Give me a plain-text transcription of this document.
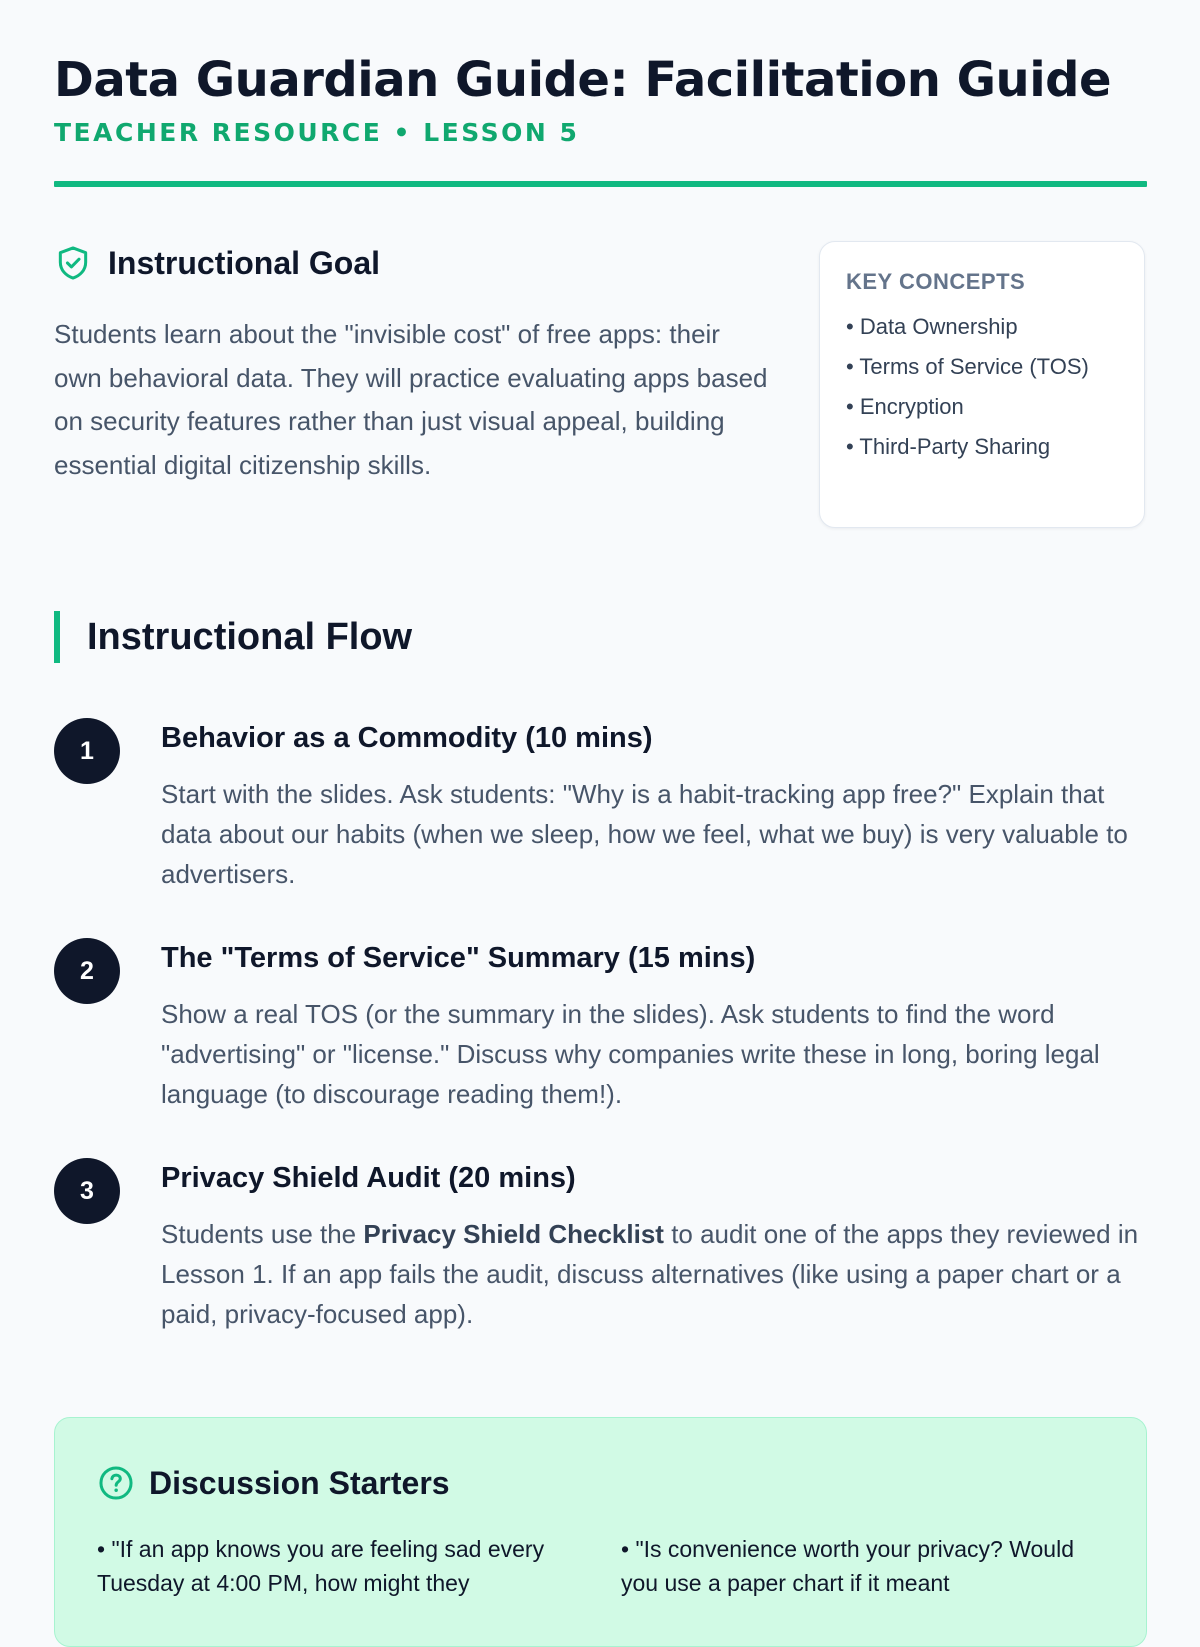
Data Guardian Guide: Facilitation Guide
TEACHER RESOURCE • LESSON 5
Instructional Goal
Students learn about the "invisible cost" of free apps: their own behavioral data. They will practice evaluating apps based on security features rather than just visual appeal, building essential digital citizenship skills.
KEY CONCEPTS
• Data Ownership
• Terms of Service (TOS)
• Encryption
• Third-Party Sharing
Instructional Flow
1	Behavior as a Commodity (10 mins)
Start with the slides. Ask students: "Why is a habit-tracking app free?" Explain that data about our habits (when we sleep, how we feel, what we buy) is very valuable to advertisers.
2	The "Terms of Service" Summary (15 mins)
Show a real TOS (or the summary in the slides). Ask students to find the word "advertising" or "license." Discuss why companies write these in long, boring legal language (to discourage reading them!).
3	Privacy Shield Audit (20 mins)
Students use the Privacy Shield Checklist to audit one of the apps they reviewed in Lesson 1. If an app fails the audit, discuss alternatives (like using a paper chart or a paid, privacy-focused app).
Discussion Starters
• "If an app knows you are feeling sad every Tuesday at 4:00 PM, how might they
• "Is convenience worth your privacy? Would you use a paper chart if it meant
